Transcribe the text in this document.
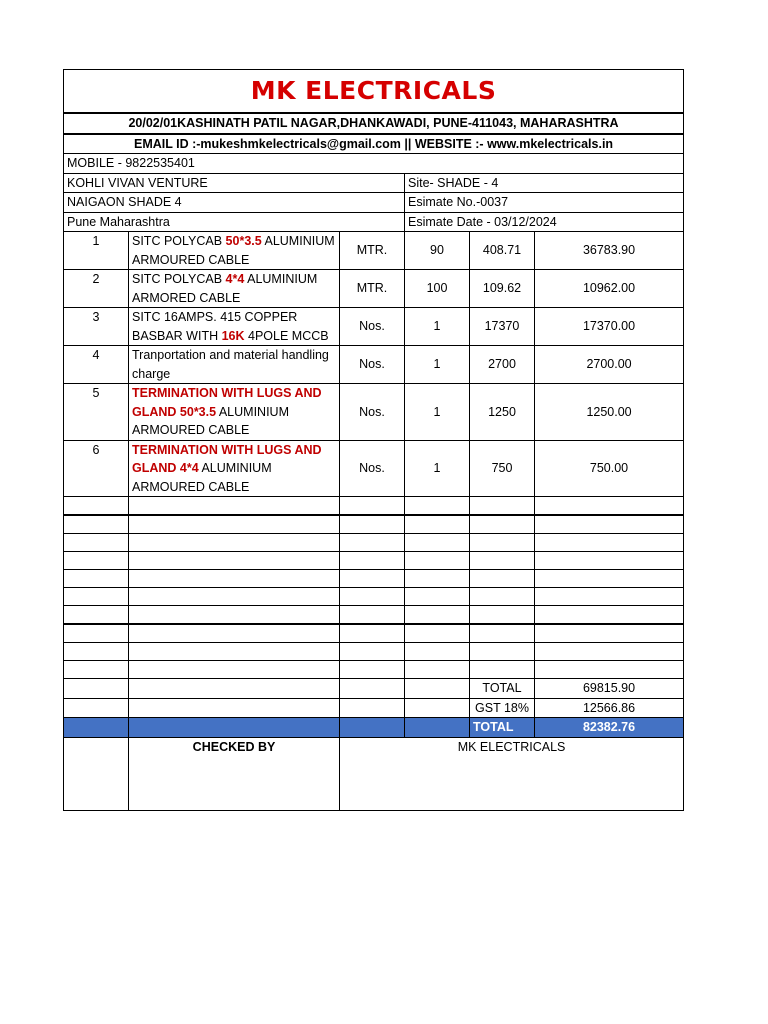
MK ELECTRICALS					
20/02/01KASHINATH PATIL NAGAR,DHANKAWADI, PUNE-411043, MAHARASHTRA					
EMAIL ID :-mukeshmkelectricals@gmail.com || WEBSITE :- www.mkelectricals.in					
MOBILE - 9822535401					
KOHLI VIVAN VENTURE			Site- SHADE - 4		
NAIGAON SHADE 4			Esimate No.-0037		
Pune Maharashtra			Esimate Date - 03/12/2024		
1	SITC POLYCAB 50*3.5 ALUMINIUM ARMOURED CABLE	MTR.	90	408.71	36783.90
2	SITC POLYCAB 4*4 ALUMINIUM ARMORED CABLE	MTR.	100	109.62	10962.00
3	SITC 16AMPS. 415 COPPER BASBAR WITH 16K 4POLE MCCB	Nos.	1	17370	17370.00
4	Tranportation and material handling charge	Nos.	1	2700	2700.00
5	TERMINATION WITH LUGS AND GLAND 50*3.5 ALUMINIUM ARMOURED CABLE	Nos.	1	1250	1250.00
6	TERMINATION WITH LUGS AND GLAND 4*4 ALUMINIUM ARMOURED CABLE	Nos.	1	750	750.00

				TOTAL	69815.90
				GST 18%	12566.86
				TOTAL	82382.76
	CHECKED BY	MK ELECTRICALS			
